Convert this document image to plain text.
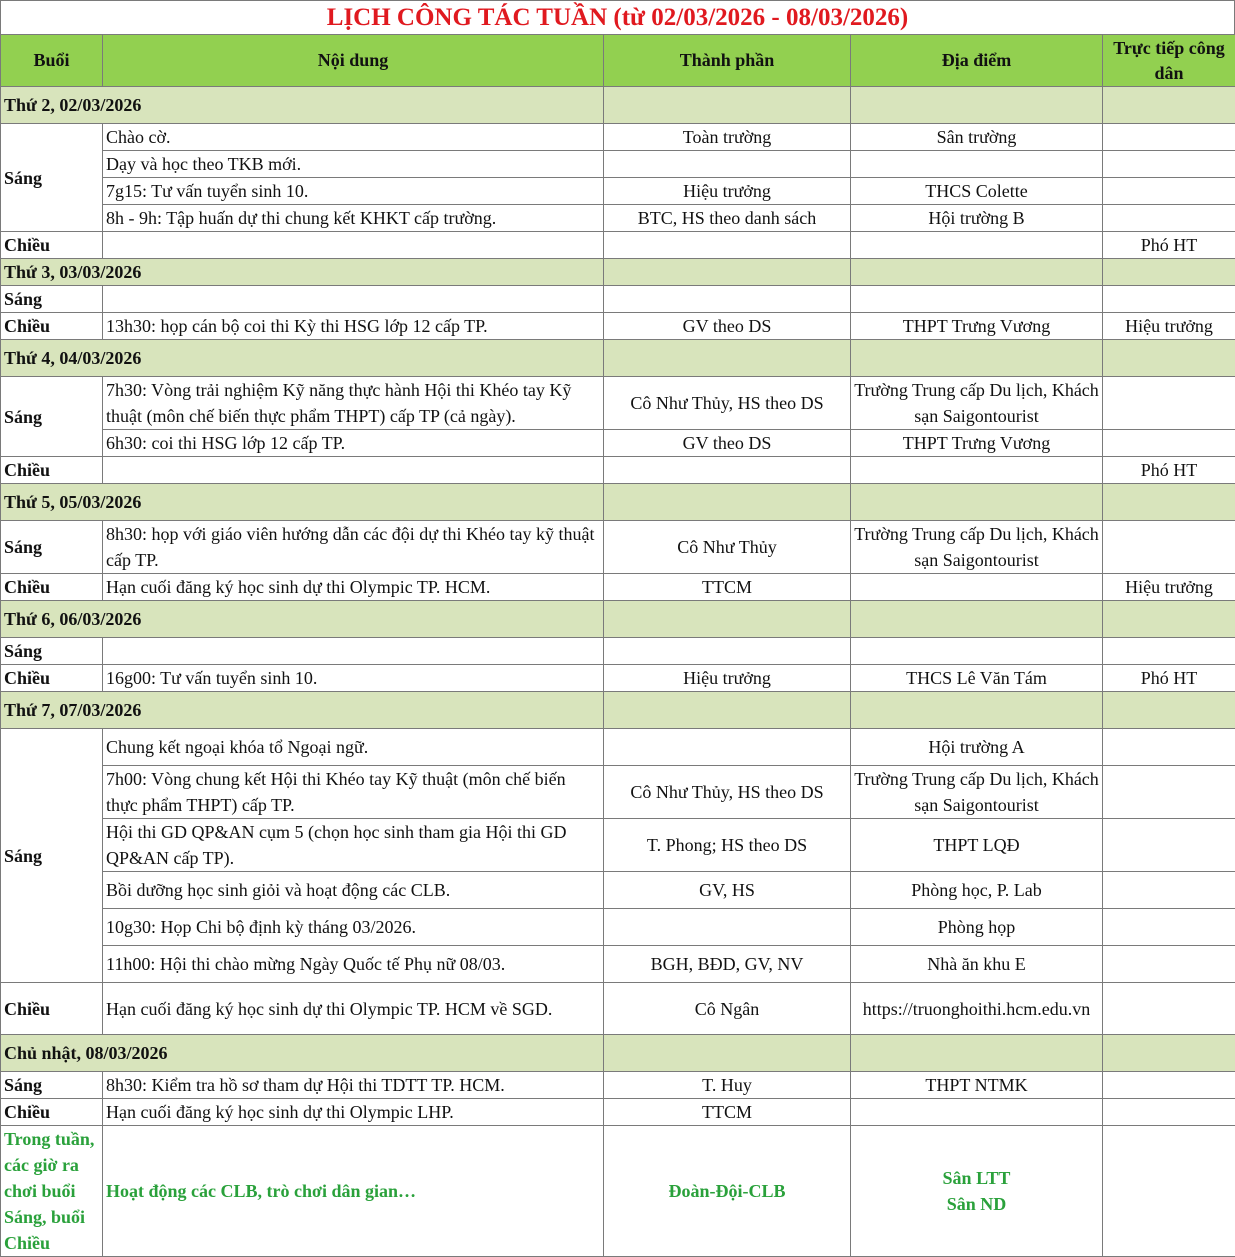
LỊCH CÔNG TÁC TUẦN (từ 02/03/2026 - 08/03/2026)
Buổi	Nội dung	Thành phần	Địa điểm	Trực tiếp công dân
Thứ 2, 02/03/2026				
Sáng	Chào cờ.	Toàn trường	Sân trường	
	Dạy và học theo TKB mới.			
	7g15: Tư vấn tuyển sinh 10.	Hiệu trưởng	THCS Colette	
	8h - 9h: Tập huấn dự thi chung kết KHKT cấp trường.	BTC, HS theo danh sách	Hội trường B	
Chiều				Phó HT
Thứ 3, 03/03/2026				
Sáng				
Chiều	13h30: họp cán bộ coi thi Kỳ thi HSG lớp 12 cấp TP.	GV theo DS	THPT Trưng Vương	Hiệu trưởng
Thứ 4, 04/03/2026				
Sáng	7h30: Vòng trải nghiệm Kỹ năng thực hành Hội thi Khéo tay Kỹ thuật (môn chế biến thực phẩm THPT) cấp TP (cả ngày).	Cô Như Thủy, HS theo DS	Trường Trung cấp Du lịch, Khách sạn Saigontourist	
	6h30: coi thi HSG lớp 12 cấp TP.	GV theo DS	THPT Trưng Vương	
Chiều				Phó HT
Thứ 5, 05/03/2026				
Sáng	8h30: họp với giáo viên hướng dẫn các đội dự thi Khéo tay kỹ thuật cấp TP.	Cô Như Thủy	Trường Trung cấp Du lịch, Khách sạn Saigontourist	
Chiều	Hạn cuối đăng ký học sinh dự thi Olympic TP. HCM.	TTCM		Hiệu trưởng
Thứ 6, 06/03/2026				
Sáng				
Chiều	16g00: Tư vấn tuyển sinh 10.	Hiệu trưởng	THCS Lê Văn Tám	Phó HT
Thứ 7, 07/03/2026				
Sáng	Chung kết ngoại khóa tổ Ngoại ngữ.		Hội trường A	
	7h00: Vòng chung kết Hội thi Khéo tay Kỹ thuật (môn chế biến thực phẩm THPT) cấp TP.	Cô Như Thủy, HS theo DS	Trường Trung cấp Du lịch, Khách sạn Saigontourist	
	Hội thi GD QP&AN cụm 5 (chọn học sinh tham gia Hội thi GD QP&AN cấp TP).	T. Phong; HS theo DS	THPT LQĐ	
	Bồi dưỡng học sinh giỏi và hoạt động các CLB.	GV, HS	Phòng học, P. Lab	
	10g30: Họp Chi bộ định kỳ tháng 03/2026.		Phòng họp	
	11h00: Hội thi chào mừng Ngày Quốc tế Phụ nữ 08/03.	BGH, BĐD, GV, NV	Nhà ăn khu E	
Chiều	Hạn cuối đăng ký học sinh dự thi Olympic TP. HCM về SGD.	Cô Ngân	https://truonghoithi.hcm.edu.vn	
Chủ nhật, 08/03/2026				
Sáng	8h30: Kiểm tra hồ sơ tham dự Hội thi TDTT TP. HCM.	T. Huy	THPT NTMK	
Chiều	Hạn cuối đăng ký học sinh dự thi Olympic LHP.	TTCM		
Trong tuần, các giờ ra chơi buổi Sáng, buổi Chiều	Hoạt động các CLB, trò chơi dân gian…	Đoàn-Đội-CLB	Sân LTT
Sân ND	
